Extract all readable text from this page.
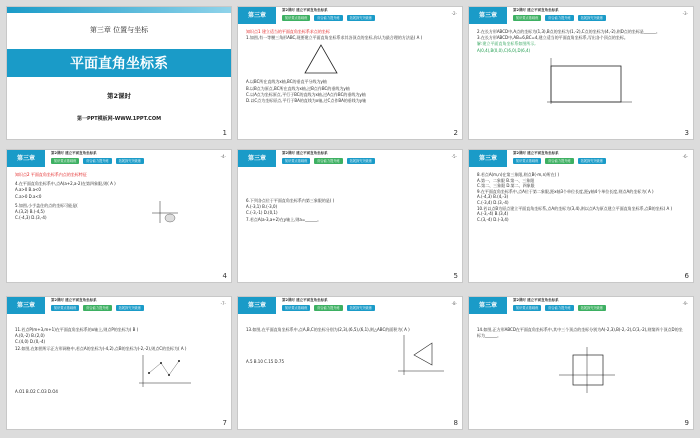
第三章 位置与坐标
平面直角坐标系
第2课时
第一PPT模板网-WWW.1PPT.COM
1
第三章
第2课时 建立平面直角坐标系
知识要点基础练	综合能力提升练	拓展探究突破练
-2-
知识点1 建立适当的平面直角坐标系求点的坐标
1.如图,有一等腰三角形ABC,现要建立平面直角坐标系求其各顶点的坐标,你认为最合理的方法是( A )
A.以BC所在直线为x轴,BC的垂直平分线为y轴
B.以B点为原点,BC所在直线为x轴,过B点作BC的垂线为y轴
C.以A点为坐标原点,平行于BC的直线为x轴,过A点作BC的垂线为y轴
D.以C点为坐标原点,平行于BA的直线为x轴,过C点作BA的垂线为y轴
2
第三章
第2课时 建立平面直角坐标系
知识要点基础练	综合能力提升练	拓展探究突破练
-3-
2.在长方形ABCD中,A点的坐标为(1,3),B点的坐标为(1,-2),C点的坐标为(4,-2),则D点的坐标是______。
3.在长方形ABCD中,AB=6,BC=4,建立适当的平面直角坐标系,写出各个顶点的坐标。
解:建立平面直角坐标系如图所示,
A(0,4),B(0,0),C(6,0),D(6,4)
3
第三章
第2课时 建立平面直角坐标系
知识要点基础练	综合能力提升练	拓展探究突破练
-4-
知识点2 平面直角坐标系内点的坐标特征
4.在平面直角坐标系中,点A(a+2,a-2)在第四象限,则( A )
A.a>0 B.a<0
C.a>0 D.a<0
5.如图,小手盖住的点的坐标可能是(
A.(3,2) B.(-4,5)
C.(-4,3) D.(3,-4)
4
第三章
第2课时 建立平面直角坐标系
知识要点基础练	综合能力提升练	拓展探究突破练
-5-
6.下列各点位于平面直角坐标系内第三象限的是( )
A.(-3,1) B.(-3,0)
C.(-3,-1) D.(0,1)
7.若点A(a-3,a+2)在y轴上,则a=______。
5
第三章
第2课时 建立平面直角坐标系
知识要点基础练	综合能力提升练	拓展探究突破练
-6-
8.若点A(m,n)在第三象限,则点B(-m,n)所在( )
A.第一、二象限 B.第一、三象限
C.第二、三象限 D.第二、四象限
9.在平面直角坐标系中,点A位于第二象限,距x轴3个单位长度,距y轴4个单位长度,则点A的坐标为( A )
A.(-4,3) B.(4,-3)
C.(-3,4) D.(3,-4)
10.若以点B为原点建立平面直角坐标系,点A的坐标为(3,4),则以点A为原点建立平面直角坐标系,点B的坐标( A )
A.(-3,-4) B.(3,4)
C.(3,-4) D.(-3,4)
6
第三章
第2课时 建立平面直角坐标系
知识要点基础练	综合能力提升练	拓展探究突破练
-7-
11.若点P(m+3,m+1)在平面直角坐标系的x轴上,则点P的坐标为( B )
A.(0,-2) B.(2,0)
C.(4,0) D.(0,-4)
12.如图,在如图所示正方形网格中,若点A的坐标为(-4,2),点B的坐标为(-2,-2),则点C的坐标为( A )
A.O1 B.O2 C.O3 D.O4
7
第三章
第2课时 建立平面直角坐标系
知识要点基础练	综合能力提升练	拓展探究突破练
-8-
13.如图,在平面直角坐标系中,点A,B,C的坐标分别为(2,3),(6,5),(6,1),则△ABC的面积为( A )
A.5 B.10 C.15 D.75
8
第三章
第2课时 建立平面直角坐标系
知识要点基础练	综合能力提升练	拓展探究突破练
-9-
14.如图,正方形ABCD在平面直角坐标系中,其中三个顶点的坐标分别为A(-2,3),B(-2,-2),C(3,-2),则第四个顶点D的坐标为______。
9
